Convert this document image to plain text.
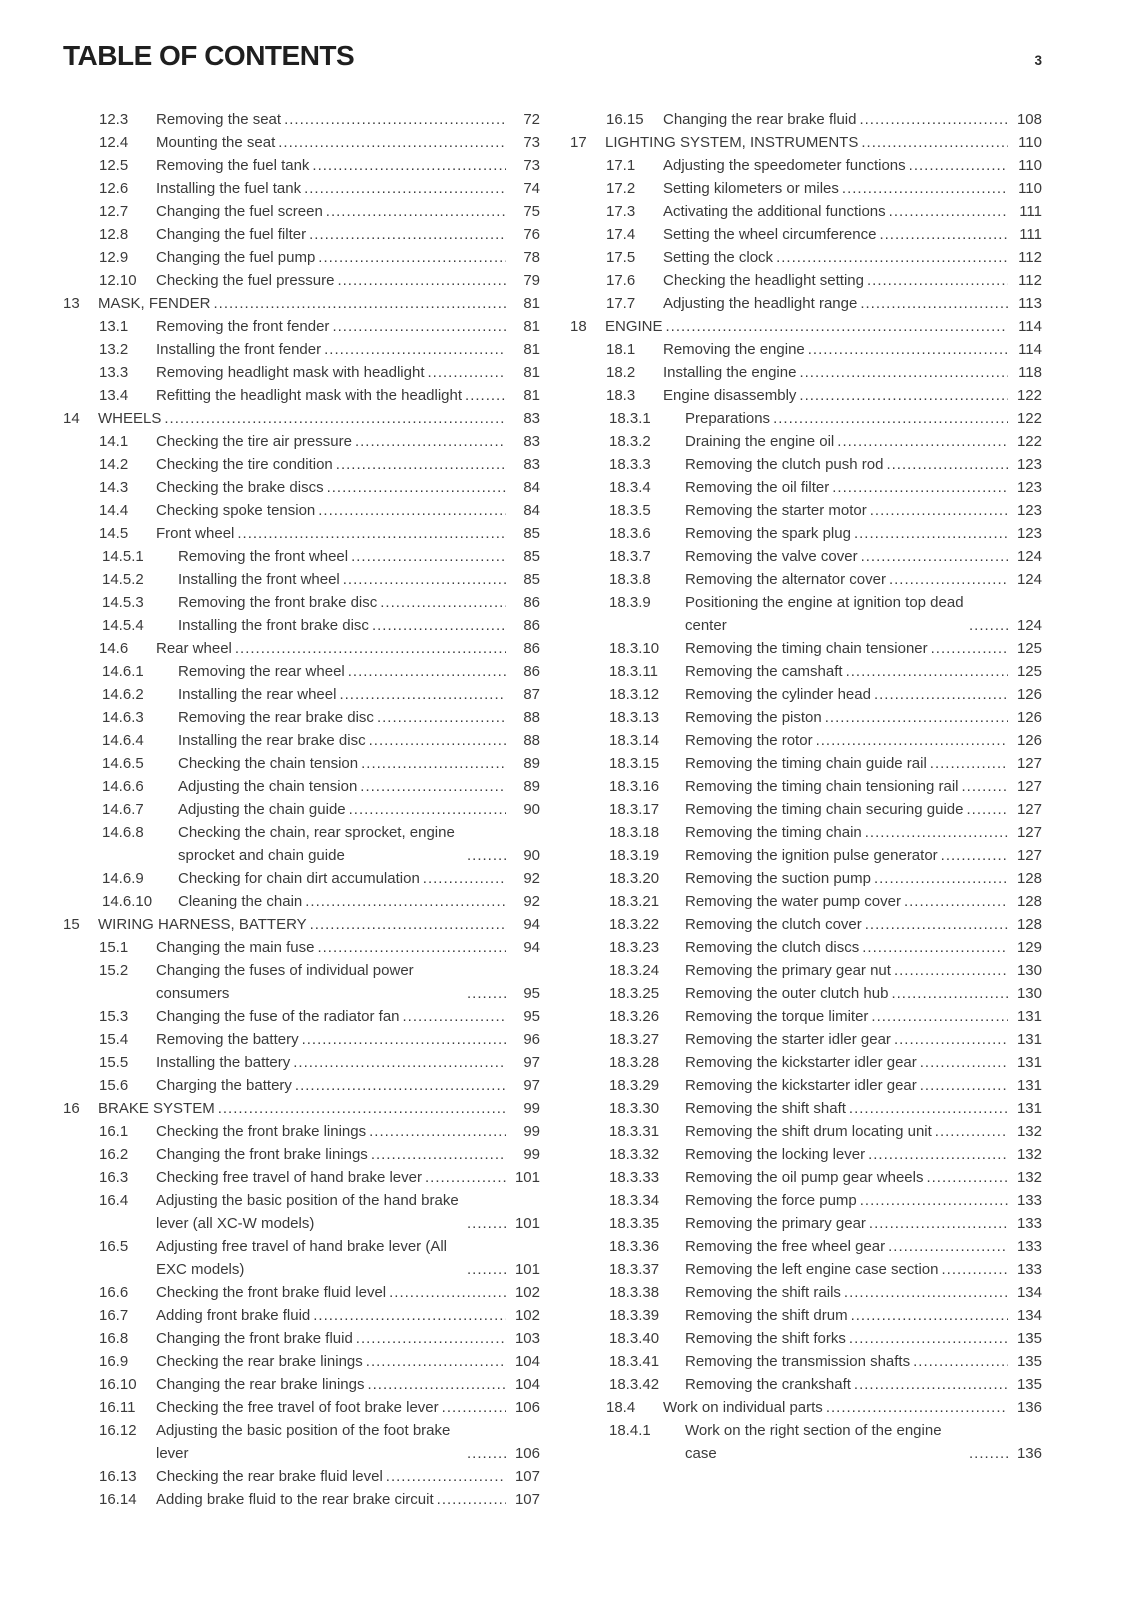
TABLE OF CONTENTS	3
12.3	Removing the seat .....	72
12.4	Mounting the seat .....	73
12.5	Removing the fuel tank .....	73
12.6	Installing the fuel tank .....	74
12.7	Changing the fuel screen .....	75
12.8	Changing the fuel filter .....	76
12.9	Changing the fuel pump .....	78
12.10	Checking the fuel pressure .....	79
13	MASK, FENDER .....	81
13.1	Removing the front fender .....	81
13.2	Installing the front fender .....	81
13.3	Removing headlight mask with headlight .....	81
13.4	Refitting the headlight mask with the headlight .....	81
14	WHEELS .....	83
14.1	Checking the tire air pressure .....	83
14.2	Checking the tire condition .....	83
14.3	Checking the brake discs .....	84
14.4	Checking spoke tension .....	84
14.5	Front wheel .....	85
14.5.1	Removing the front wheel .....	85
14.5.2	Installing the front wheel .....	85
14.5.3	Removing the front brake disc .....	86
14.5.4	Installing the front brake disc .....	86
14.6	Rear wheel .....	86
14.6.1	Removing the rear wheel .....	86
14.6.2	Installing the rear wheel .....	87
14.6.3	Removing the rear brake disc .....	88
14.6.4	Installing the rear brake disc .....	88
14.6.5	Checking the chain tension .....	89
14.6.6	Adjusting the chain tension .....	89
14.6.7	Adjusting the chain guide .....	90
14.6.8	Checking the chain, rear sprocket, engine sprocket and chain guide .....	90
14.6.9	Checking for chain dirt accumulation .....	92
14.6.10	Cleaning the chain .....	92
15	WIRING HARNESS, BATTERY .....	94
15.1	Changing the main fuse .....	94
15.2	Changing the fuses of individual power consumers .....	95
15.3	Changing the fuse of the radiator fan .....	95
15.4	Removing the battery .....	96
15.5	Installing the battery .....	97
15.6	Charging the battery .....	97
16	BRAKE SYSTEM .....	99
16.1	Checking the front brake linings .....	99
16.2	Changing the front brake linings .....	99
16.3	Checking free travel of hand brake lever .....	101
16.4	Adjusting the basic position of the hand brake lever (all XC-W models) .....	101
16.5	Adjusting free travel of hand brake lever (All EXC models) .....	101
16.6	Checking the front brake fluid level .....	102
16.7	Adding front brake fluid .....	102
16.8	Changing the front brake fluid .....	103
16.9	Checking the rear brake linings .....	104
16.10	Changing the rear brake linings .....	104
16.11	Checking the free travel of foot brake lever .....	106
16.12	Adjusting the basic position of the foot brake lever .....	106
16.13	Checking the rear brake fluid level .....	107
16.14	Adding brake fluid to the rear brake circuit .....	107
16.15	Changing the rear brake fluid .....	108
17	LIGHTING SYSTEM, INSTRUMENTS .....	110
17.1	Adjusting the speedometer functions .....	110
17.2	Setting kilometers or miles .....	110
17.3	Activating the additional functions .....	111
17.4	Setting the wheel circumference .....	111
17.5	Setting the clock .....	112
17.6	Checking the headlight setting .....	112
17.7	Adjusting the headlight range .....	113
18	ENGINE .....	114
18.1	Removing the engine .....	114
18.2	Installing the engine .....	118
18.3	Engine disassembly .....	122
18.3.1	Preparations .....	122
18.3.2	Draining the engine oil .....	122
18.3.3	Removing the clutch push rod .....	123
18.3.4	Removing the oil filter .....	123
18.3.5	Removing the starter motor .....	123
18.3.6	Removing the spark plug .....	123
18.3.7	Removing the valve cover .....	124
18.3.8	Removing the alternator cover .....	124
18.3.9	Positioning the engine at ignition top dead center .....	124
18.3.10	Removing the timing chain tensioner .....	125
18.3.11	Removing the camshaft .....	125
18.3.12	Removing the cylinder head .....	126
18.3.13	Removing the piston .....	126
18.3.14	Removing the rotor .....	126
18.3.15	Removing the timing chain guide rail .....	127
18.3.16	Removing the timing chain tensioning rail .....	127
18.3.17	Removing the timing chain securing guide .....	127
18.3.18	Removing the timing chain .....	127
18.3.19	Removing the ignition pulse generator .....	127
18.3.20	Removing the suction pump .....	128
18.3.21	Removing the water pump cover .....	128
18.3.22	Removing the clutch cover .....	128
18.3.23	Removing the clutch discs .....	129
18.3.24	Removing the primary gear nut .....	130
18.3.25	Removing the outer clutch hub .....	130
18.3.26	Removing the torque limiter .....	131
18.3.27	Removing the starter idler gear .....	131
18.3.28	Removing the kickstarter idler gear .....	131
18.3.29	Removing the kickstarter idler gear .....	131
18.3.30	Removing the shift shaft .....	131
18.3.31	Removing the shift drum locating unit .....	132
18.3.32	Removing the locking lever .....	132
18.3.33	Removing the oil pump gear wheels .....	132
18.3.34	Removing the force pump .....	133
18.3.35	Removing the primary gear .....	133
18.3.36	Removing the free wheel gear .....	133
18.3.37	Removing the left engine case section .....	133
18.3.38	Removing the shift rails .....	134
18.3.39	Removing the shift drum .....	134
18.3.40	Removing the shift forks .....	135
18.3.41	Removing the transmission shafts .....	135
18.3.42	Removing the crankshaft .....	135
18.4	Work on individual parts .....	136
18.4.1	Work on the right section of the engine case .....	136
